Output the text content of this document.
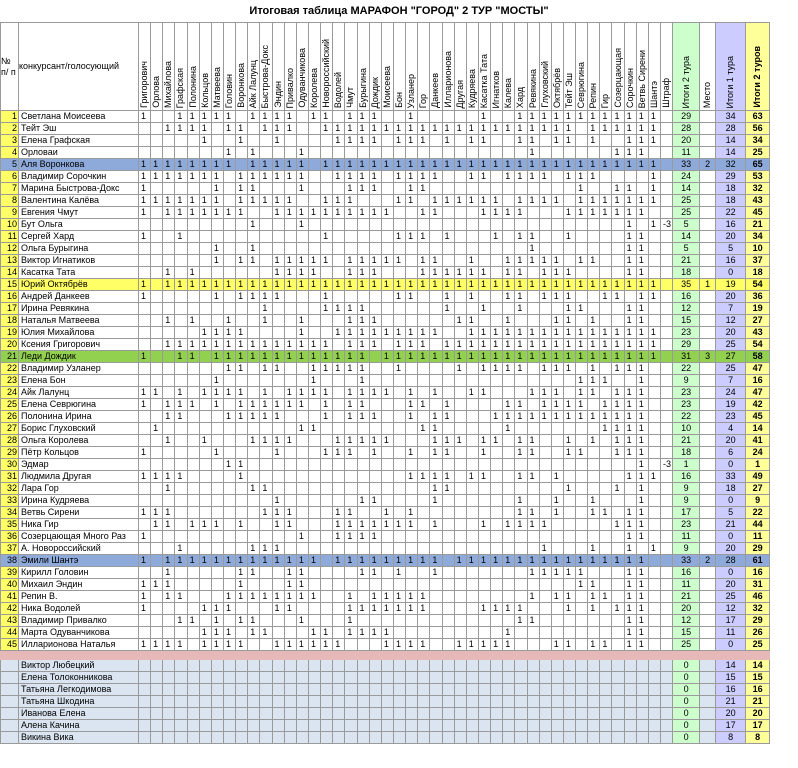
Итоговая таблица МАРАФОН "ГОРОД" 2 ТУР "МОСТЫ"
№ п/ п	конкурсант/голосующий	Григорович	Орлова	Михайлова	Графская	Полонина	Кольцов	Матвеева	Головин	Воронкова	Айк Лалунц	Быстрова-Докс	Эндин	Привалко	Одуванчикова	Королева	Новороссийский	Водолей	Чмут	Бурыгина	Дождик	Моисеева	Бон	Узланер	Гор	Данкеев	Илларионова	Другая	Кудряева	Касатка Тата	Игнатков	Калева	Хард	Ревякина	Глуховский	Октябрёв	Тейт Эш	Севрюгина	Репин	Гир	Созерцающая	Сорочкин	Ветвь Сирени	Шантэ	Штраф	Итоги 2 тура	Место	Итоги 1 тура	Итоги 2 туров
1	Светлана Моисеева	1			1	1	1	1	1		1	1	1	1		1	1		1	1	1			1						1			1	1	1	1	1	1	1	1	1	1	1	1		29		34	63
2	Тейт Эш			1	1	1	1		1	1		1	1	1			1	1	1	1	1	1	1	1	1	1	1	1	1	1	1	1	1	1	1	1	1		1	1	1	1	1	1		28		28	56
3	Елена Графская						1			1			1					1	1	1	1		1	1	1		1		1	1			1	1		1	1		1			1	1	1		20		14	34
4	Орловаи								1		1				1																			1							1	1	1			11		14	25
5	Аля Воронкова	1	1	1	1	1	1	1	1		1	1	1	1	1		1	1	1	1	1	1	1	1	1	1	1	1	1	1	1	1	1	1	1	1	1	1	1	1	1	1	1	1		33	2	32	65
6	Владимир Сорочкин	1	1	1	1	1	1	1		1	1	1	1	1	1			1	1	1	1		1	1	1	1			1	1		1	1	1	1		1	1	1					1		24		29	53
7	Марина Быстрова-Докс	1						1		1	1				1				1	1	1			1	1													1			1	1		1		14		18	32
8	Валентина Калёва	1	1	1	1	1	1	1		1	1	1	1	1			1	1	1				1	1		1	1	1	1	1	1		1	1	1	1		1	1	1	1	1	1	1		25		18	43
9	Евгения Чмут	1		1	1	1	1	1	1	1			1	1	1	1	1	1	1	1	1	1			1	1				1	1	1	1				1	1	1	1	1	1	1			25		22	45
10	Бут Ольга										1				1																											1		1	-3	5		16	21
11	Сергей Хард	1			1												1						1	1	1		1				1		1	1			1					1	1			14		20	34
12	Ольга Бурыгина							1			1																							1								1	1			5		5	10
13	Виктор Игнатиков							1		1	1		1	1	1	1	1		1	1	1	1	1		1	1			1			1	1	1	1	1		1	1			1	1			21		16	37
14	Касатка Тата			1		1							1	1	1	1			1	1	1				1	1	1	1	1	1		1	1		1	1	1					1	1			18		0	18
15	Юрий Октябрёв	1		1	1	1	1	1	1	1	1	1	1	1	1	1	1	1	1	1	1	1	1	1	1	1	1	1	1	1	1	1	1	1	1	1	1	1	1	1	1	1	1	1		35	1	19	54
16	Андрей Данкеев	1						1		1	1	1	1				1						1	1			1		1			1	1		1	1	1			1	1		1	1		16		20	36
17	Ирина Ревякина											1					1	1	1	1							1			1			1				1	1				1	1			12		7	19
18	Наталья Матвеева			1		1			1			1			1				1	1	1							1	1			1				1	1		1			1	1			15		12	27
19	Юлия Михайлова						1	1	1	1					1			1	1	1	1	1	1	1	1	1			1	1	1	1	1	1	1	1	1	1	1	1	1	1	1	1		23		20	43
20	Ксения Григорович			1	1	1	1	1	1	1	1	1	1	1	1	1	1		1	1	1		1	1	1		1	1	1	1	1	1	1	1	1	1	1	1	1	1	1	1	1	1		29		25	54
21	Леди Дождик	1			1	1		1	1	1	1	1	1	1	1	1	1	1	1	1		1	1	1	1	1	1	1	1	1	1	1	1	1	1	1	1	1	1	1	1	1	1	1		31	3	27	58
22	Владимир Узланер								1	1		1	1			1	1	1	1	1			1					1		1	1	1	1		1	1	1		1		1	1	1			22		25	47
23	Елена Бон							1								1				1																		1	1	1			1			9		7	16
24	Айк Лалунц	1	1		1		1	1	1	1		1		1	1	1	1		1	1	1	1		1		1			1	1				1	1	1		1	1		1	1	1			23		24	47
25	Елена Севрюгина	1		1	1	1		1		1	1	1	1	1	1		1		1	1				1	1		1					1	1		1	1	1	1		1	1	1	1			23		19	42
26	Полонина Ирина			1	1				1	1	1	1	1				1		1	1	1			1		1	1				1	1	1	1	1	1	1	1	1	1	1	1	1			22		23	45
27	Борис Глуховский		1												1	1									1	1						1								1	1	1	1			10		4	14
28	Ольга Королева			1			1				1	1	1	1				1	1	1	1	1				1	1	1		1	1		1	1			1		1		1	1	1			21		20	41
29	Пётр Кольцов	1						1					1				1	1	1		1			1		1	1			1			1	1			1	1			1	1	1			18		6	24
30	Эдмар								1	1																																	1		-3	1		0	1
31	Людмила Другая	1	1	1	1					1														1	1	1	1		1	1			1	1		1						1	1	1		16		33	49
32	Лара Гор			1							1	1														1	1										1				1		1			9		18	27
33	Ирина Кудряева												1							1	1					1							1			1			1				1			9		0	9
34	Ветвь Сирени	1	1	1								1	1	1				1	1			1		1									1	1		1			1	1		1	1			17		5	22
35	Ника Гир		1	1		1	1	1		1			1	1				1	1	1	1	1	1	1		1				1		1	1	1	1						1	1	1			23		21	44
36	Созерцающая Много Раз	1													1			1	1	1	1																					1	1			11		0	11
37	А. Новороссийский				1						1	1	1																						1				1			1		1		9		20	29
38	Эмили Шантэ	1		1	1	1	1	1	1	1	1	1	1	1	1	1		1	1	1	1	1	1	1	1	1		1	1	1	1	1	1	1	1	1	1	1	1	1	1	1	1			33	2	28	61
39	Кирилл Головин			1						1	1			1	1					1	1		1			1								1	1	1	1	1				1	1			16		0	16
40	Михаил Эндин	1	1	1						1				1	1																							1	1			1	1			11		20	31
41	Репин В.	1		1	1				1	1	1	1	1	1	1	1			1		1	1	1	1	1									1		1	1		1	1		1	1			21		25	46
42	Ника Водолей	1					1	1	1				1	1					1	1	1	1	1	1	1					1	1	1	1				1		1		1	1	1			20		12	32
43	Владимир Привалко				1	1		1		1	1				1				1														1	1								1	1			12		17	29
44	Марта Одуванчикова						1	1	1		1	1				1	1		1	1	1	1										1										1	1			15		11	26
45	Илларионова Наталья	1	1	1	1		1	1	1	1			1	1	1	1	1	1				1	1	1	1			1	1	1	1	1				1	1		1	1		1	1			25		0	25

	Виктор Любецкий																																													0		14	14
	Елена Толоконникова																																													0		15	15
	Татьяна Легкодимова																																													0		16	16
	Татьяна Шкодина																																													0		21	21
	Иванова Елена																																													0		20	20
	Алена Качина																																													0		17	17
	Викина Вика																																													0		8	8
